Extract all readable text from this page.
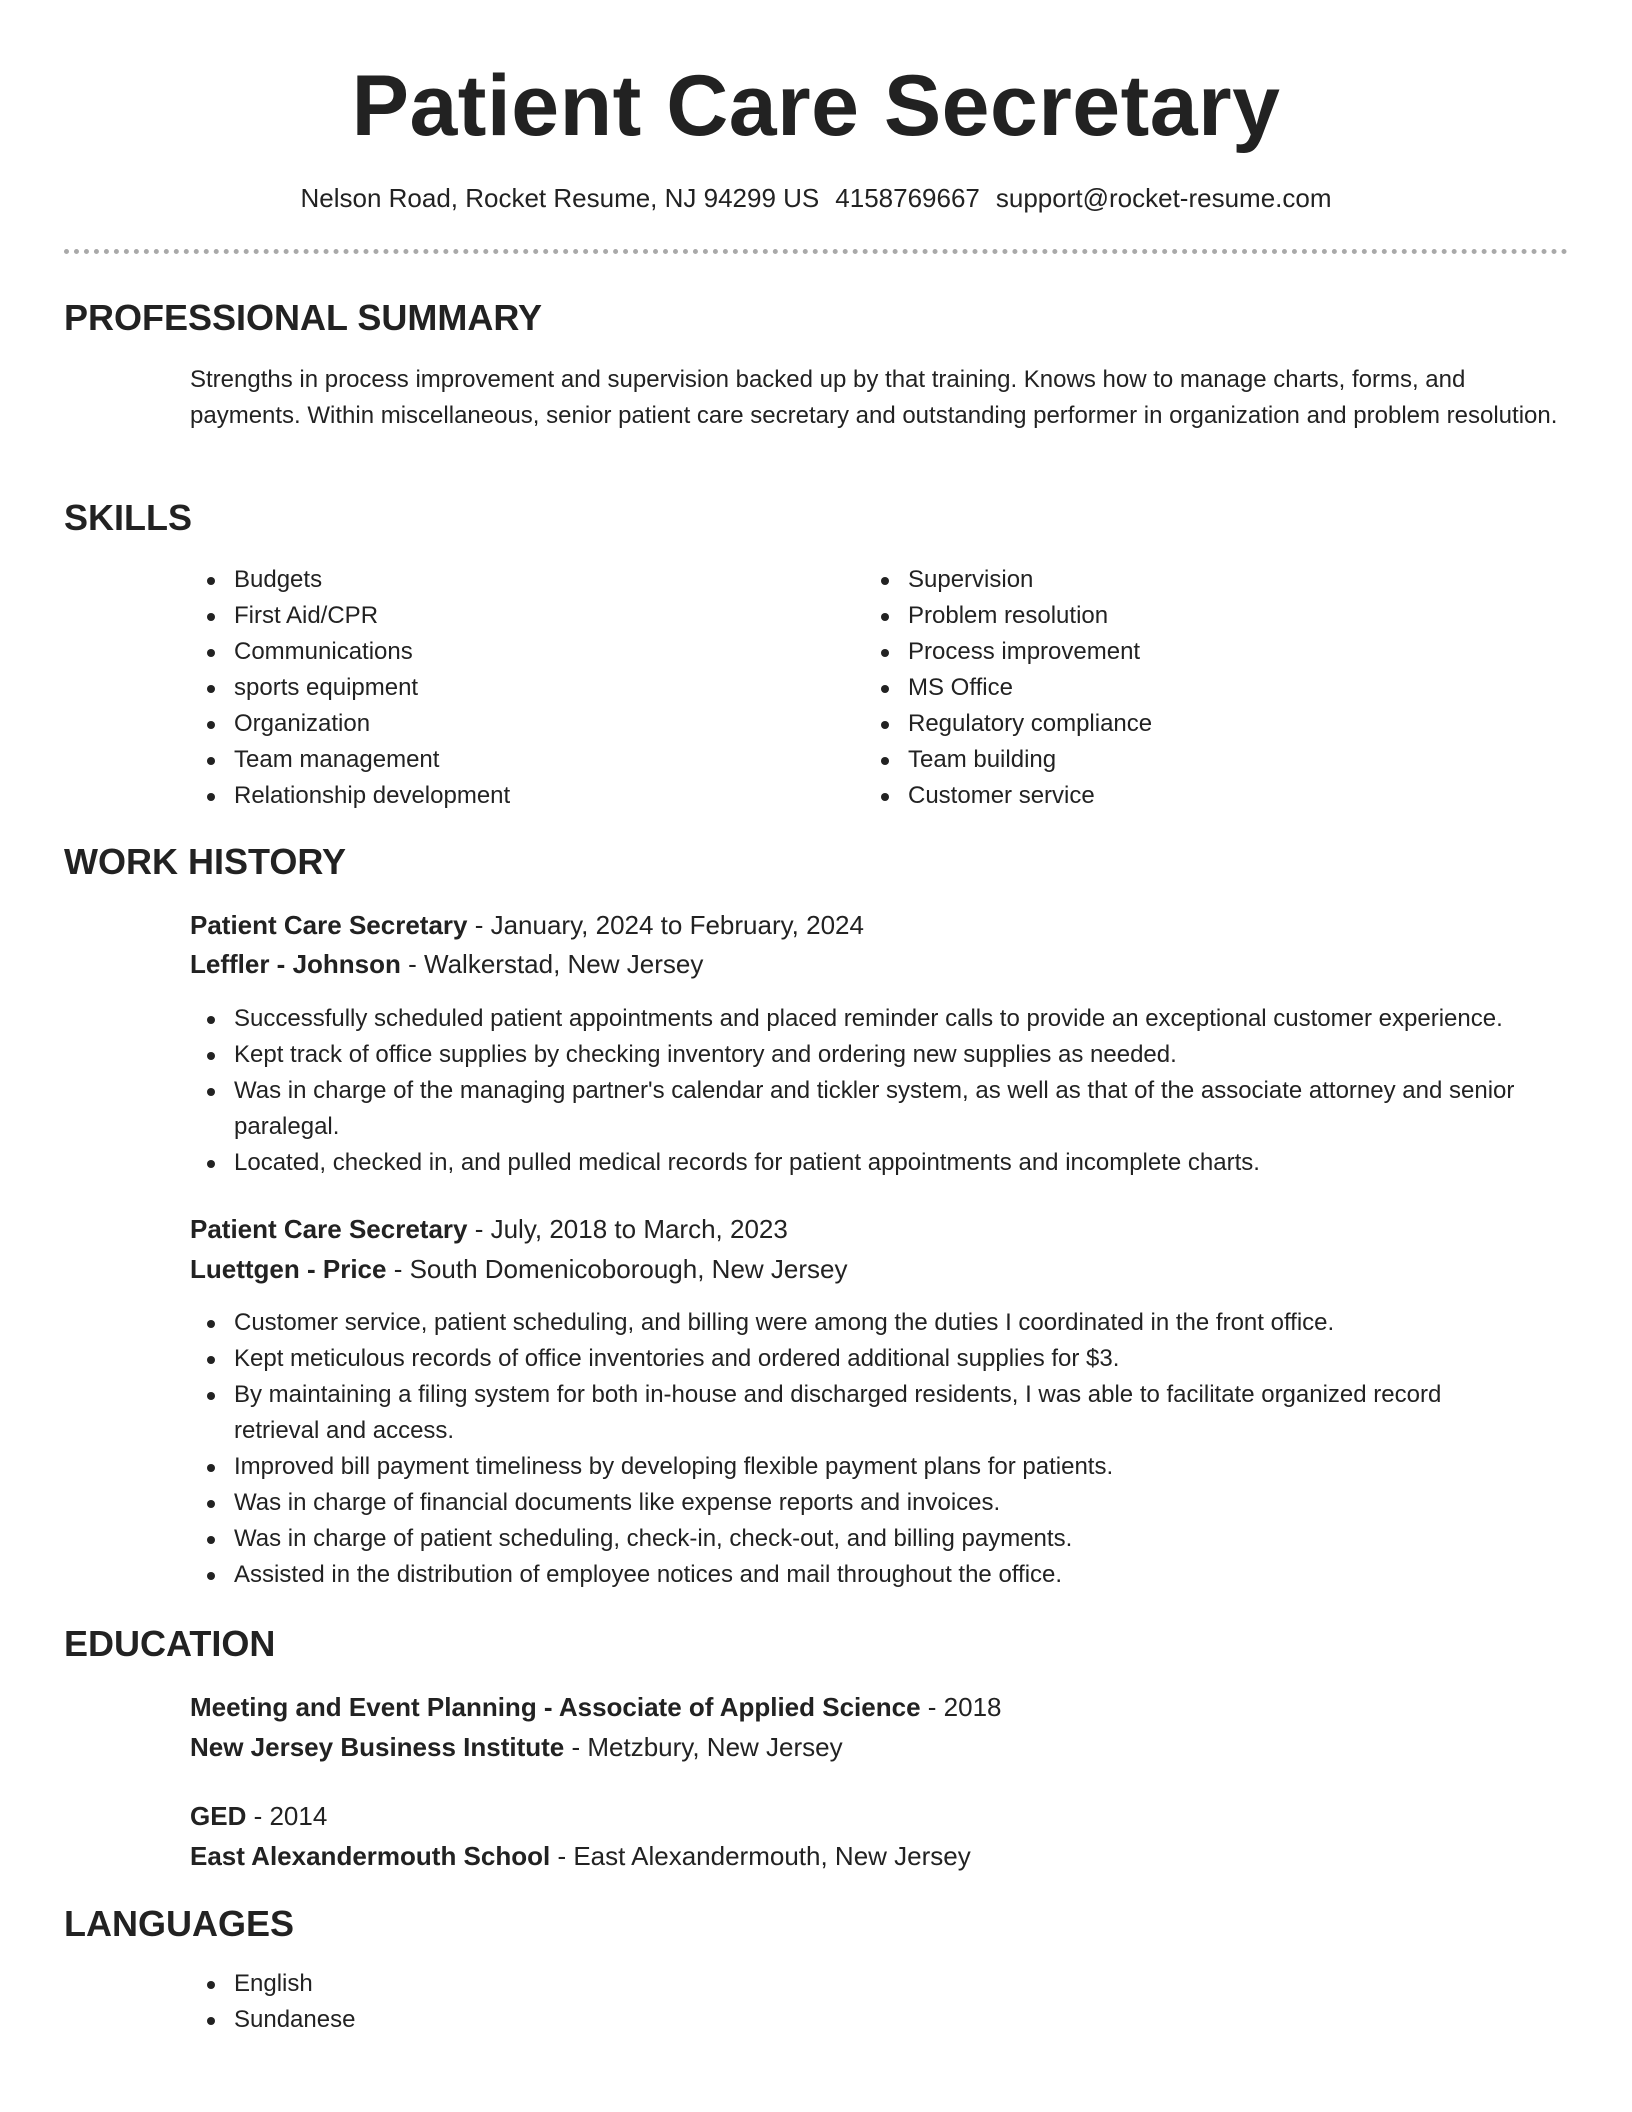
Patient Care Secretary
Nelson Road, Rocket Resume, NJ 94299 US 4158769667 support@rocket-resume.com
PROFESSIONAL SUMMARY
Strengths in process improvement and supervision backed up by that training. Knows how to manage charts, forms, and payments. Within miscellaneous, senior patient care secretary and outstanding performer in organization and problem resolution.
SKILLS
Budgets
First Aid/CPR
Communications
sports equipment
Organization
Team management
Relationship development
Supervision
Problem resolution
Process improvement
MS Office
Regulatory compliance
Team building
Customer service
WORK HISTORY
Patient Care Secretary - January, 2024 to February, 2024
Leffler - Johnson - Walkerstad, New Jersey
Successfully scheduled patient appointments and placed reminder calls to provide an exceptional customer experience.
Kept track of office supplies by checking inventory and ordering new supplies as needed.
Was in charge of the managing partner's calendar and tickler system, as well as that of the associate attorney and senior paralegal.
Located, checked in, and pulled medical records for patient appointments and incomplete charts.
Patient Care Secretary - July, 2018 to March, 2023
Luettgen - Price - South Domenicoborough, New Jersey
Customer service, patient scheduling, and billing were among the duties I coordinated in the front office.
Kept meticulous records of office inventories and ordered additional supplies for $3.
By maintaining a filing system for both in-house and discharged residents, I was able to facilitate organized record retrieval and access.
Improved bill payment timeliness by developing flexible payment plans for patients.
Was in charge of financial documents like expense reports and invoices.
Was in charge of patient scheduling, check-in, check-out, and billing payments.
Assisted in the distribution of employee notices and mail throughout the office.
EDUCATION
Meeting and Event Planning - Associate of Applied Science - 2018
New Jersey Business Institute - Metzbury, New Jersey
GED - 2014
East Alexandermouth School - East Alexandermouth, New Jersey
LANGUAGES
English
Sundanese
